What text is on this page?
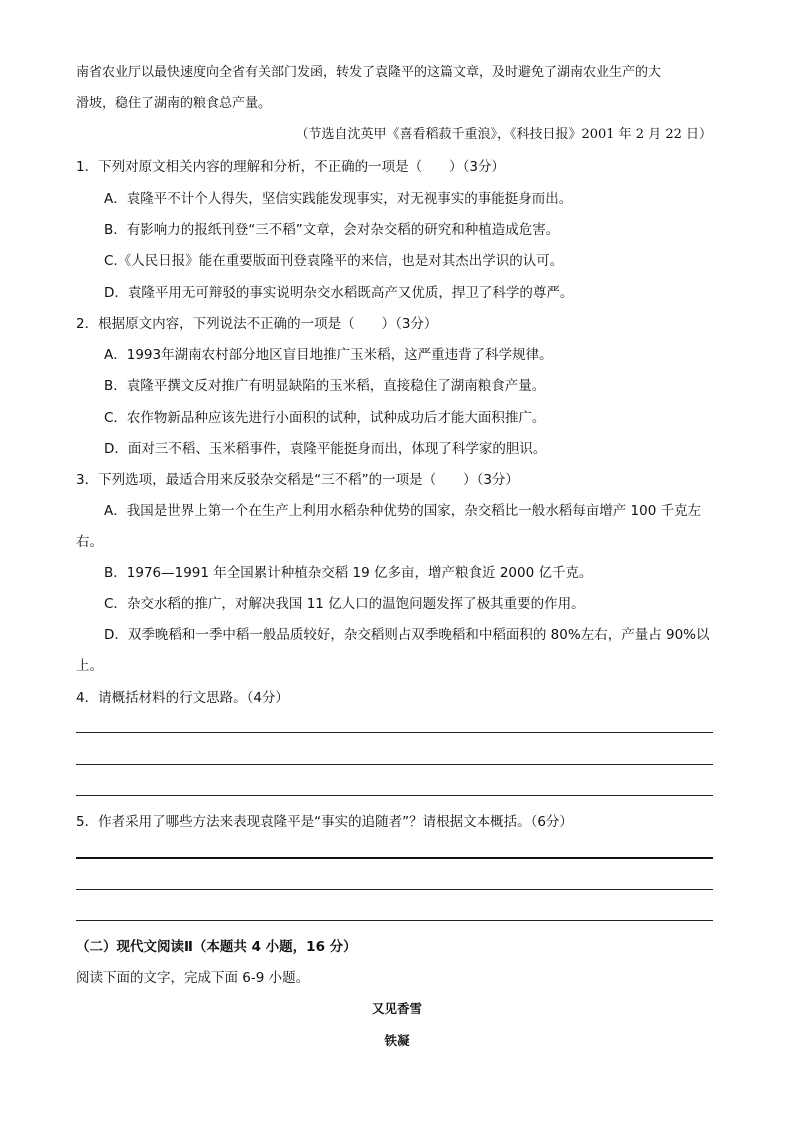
南省农业厅以最快速度向全省有关部门发函，转发了袁隆平的这篇文章，及时避免了湖南农业生产的大
滑坡，稳住了湖南的粮食总产量。
（节选自沈英甲《喜看稻菽千重浪》，《科技日报》2001 年 2 月 22 日）
1．下列对原文相关内容的理解和分析，不正确的一项是（　　）（3分）
A．袁隆平不计个人得失，坚信实践能发现事实，对无视事实的事能挺身而出。
B．有影响力的报纸刊登“三不稻”文章，会对杂交稻的研究和种植造成危害。
C.《人民日报》能在重要版面刊登袁隆平的来信，也是对其杰出学识的认可。
D．袁隆平用无可辩驳的事实说明杂交水稻既高产又优质，捍卫了科学的尊严。
2．根据原文内容，下列说法不正确的一项是（　　）（3分）
A．1993年湖南农村部分地区盲目地推广玉米稻，这严重违背了科学规律。
B．袁隆平撰文反对推广有明显缺陷的玉米稻，直接稳住了湖南粮食产量。
C．农作物新品种应该先进行小面积的试种，试种成功后才能大面积推广。
D．面对三不稻、玉米稻事件，袁隆平能挺身而出，体现了科学家的胆识。
3．下列选项，最适合用来反驳杂交稻是“三不稻”的一项是（　　）（3分）
A．我国是世界上第一个在生产上利用水稻杂种优势的国家，杂交稻比一般水稻每亩增产 100 千克左
右。
B．1976—1991 年全国累计种植杂交稻 19 亿多亩，增产粮食近 2000 亿千克。
C．杂交水稻的推广，对解决我国 11 亿人口的温饱问题发挥了极其重要的作用。
D．双季晚稻和一季中稻一般品质较好，杂交稻则占双季晚稻和中稻面积的 80%左右，产量占 90%以
上。
4．请概括材料的行文思路。（4分）
5．作者采用了哪些方法来表现袁隆平是“事实的追随者”？请根据文本概括。（6分）
（二）现代文阅读Ⅱ（本题共 4 小题，16 分）
阅读下面的文字，完成下面 6-9 小题。
又见香雪
铁凝
